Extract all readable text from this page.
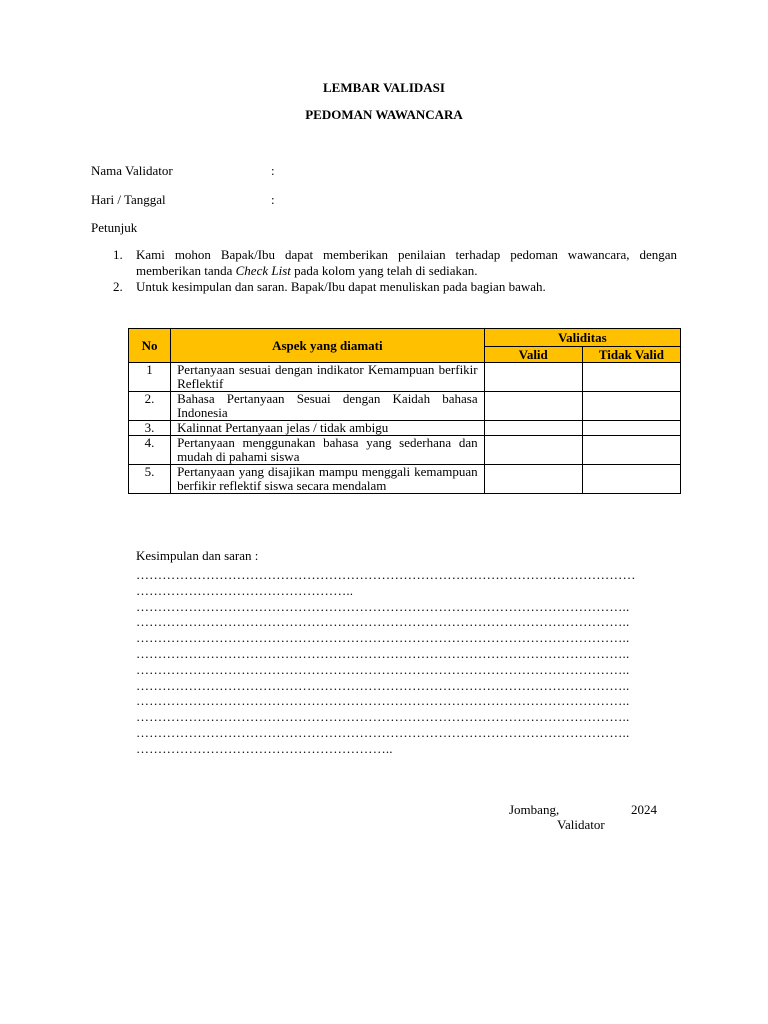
LEMBAR VALIDASI
PEDOMAN WAWANCARA
Nama Validator	:
Hari / Tanggal	:
Petunjuk
1. Kami mohon Bapak/Ibu dapat memberikan penilaian terhadap pedoman wawancara, dengan memberikan tanda Check List pada kolom yang telah di sediakan.
2. Untuk kesimpulan dan saran. Bapak/Ibu dapat menuliskan pada bagian bawah.
No	Aspek yang diamati	Validitas	
		Valid	Tidak Valid
1	Pertanyaan sesuai dengan indikator Kemampuan berfikir Reflektif		
2.	Bahasa Pertanyaan Sesuai dengan Kaidah bahasa Indonesia		
3.	Kalinnat Pertanyaan jelas / tidak ambigu		
4.	Pertanyaan menggunakan bahasa yang sederhana dan mudah di pahami siswa		
5.	Pertanyaan yang disajikan mampu menggali kemampuan berfikir reflektif siswa secara mendalam		
Kesimpulan dan saran :
……………………………………………………………………………………………………
…………………………………………..
…………………………………………………………………………………………………..
…………………………………………………………………………………………………..
…………………………………………………………………………………………………..
…………………………………………………………………………………………………..
…………………………………………………………………………………………………..
…………………………………………………………………………………………………..
…………………………………………………………………………………………………..
…………………………………………………………………………………………………..
…………………………………………………………………………………………………..
…………………………………………………..
Jombang,	2024
Validator
